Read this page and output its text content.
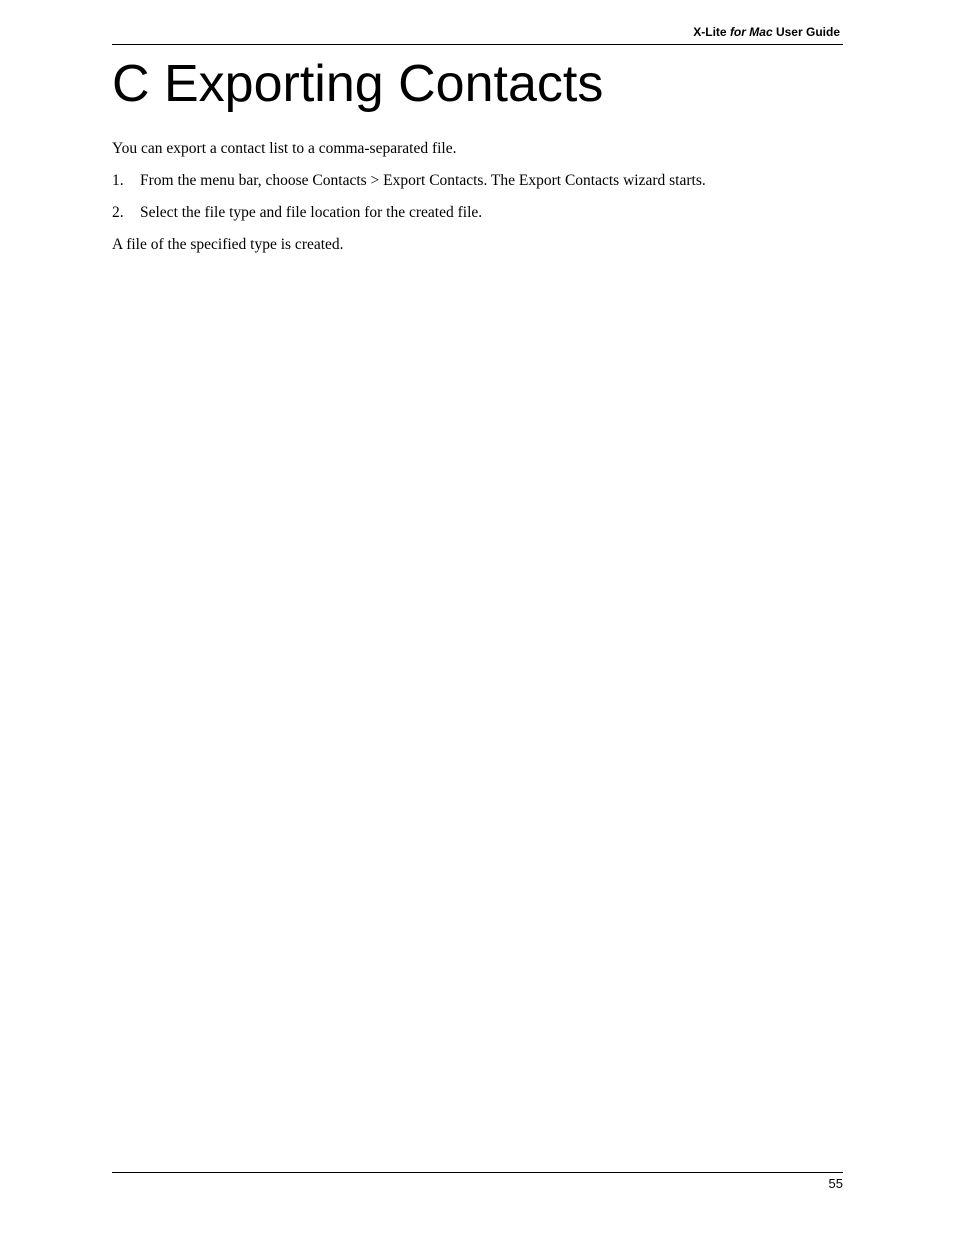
X-Lite for Mac User Guide
C Exporting Contacts
You can export a contact list to a comma-separated file.
1. From the menu bar, choose Contacts > Export Contacts. The Export Contacts wizard starts.
2. Select the file type and file location for the created file.
A file of the specified type is created.
55
